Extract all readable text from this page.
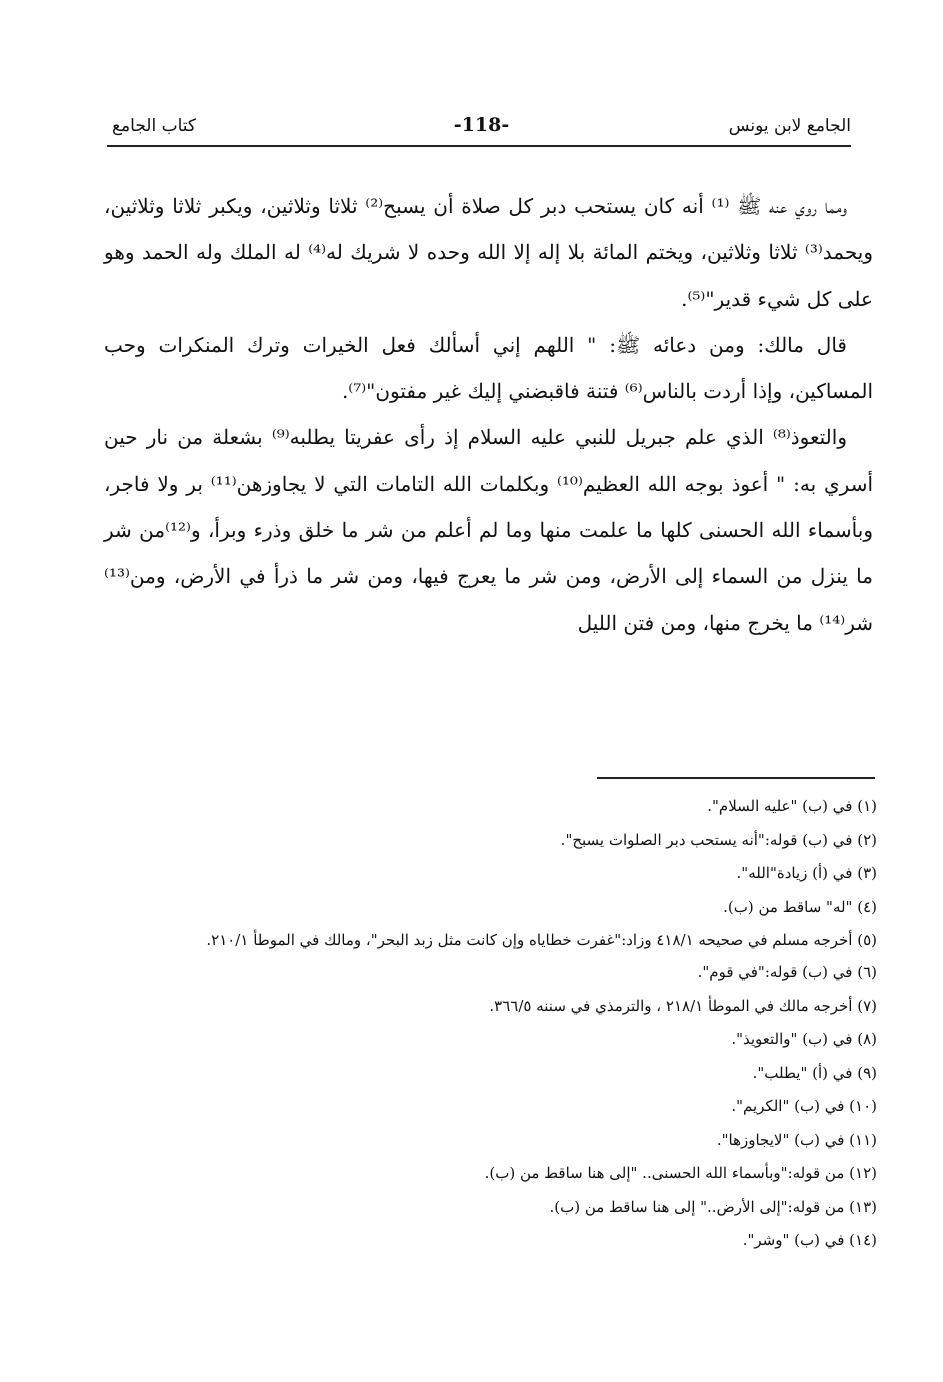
الجامع لابن يونس
-118-
كتاب الجامع

ومما روي عنه ﷺ ⁽¹⁾ أنه كان يستحب دبر كل صلاة أن يسبح⁽²⁾ ثلاثا وثلاثين، ويكبر ثلاثا وثلاثين، ويحمد⁽³⁾ ثلاثا وثلاثين، ويختم المائة بلا إله إلا الله وحده لا شريك له⁽⁴⁾ له الملك وله الحمد وهو على كل شيء قدير"⁽⁵⁾.

قال مالك: ومن دعائه ﷺ: " اللهم إني أسألك فعل الخيرات وترك المنكرات وحب المساكين، وإذا أردت بالناس⁽⁶⁾ فتنة فاقبضني إليك غير مفتون"⁽⁷⁾.

والتعوذ⁽⁸⁾ الذي علم جبريل للنبي عليه السلام إذ رأى عفريتا يطلبه⁽⁹⁾ بشعلة من نار حين أسري به: " أعوذ بوجه الله العظيم⁽¹⁰⁾ وبكلمات الله التامات التي لا يجاوزهن⁽¹¹⁾ بر ولا فاجر، وبأسماء الله الحسنى كلها ما علمت منها وما لم أعلم من شر ما خلق وذرء وبرأ، و⁽¹²⁾من شر ما ينزل من السماء إلى الأرض، ومن شر ما يعرج فيها، ومن شر ما ذرأ في الأرض، ومن⁽¹³⁾ شر⁽¹⁴⁾ ما يخرج منها، ومن فتن الليل

(١) في (ب) "عليه السلام".

(٢) في (ب) قوله:"أنه يستحب دبر الصلوات يسبح".

(٣) في (أ) زيادة"الله".

(٤) "له" ساقط من (ب).

(٥) أخرجه مسلم في صحيحه ٤١٨/١ وزاد:"غفرت خطاياه وإن كانت مثل زبد البحر"، ومالك في الموطأ ٢١٠/١.

(٦) في (ب) قوله:"في قوم".

(٧) أخرجه مالك في الموطأ ٢١٨/١ ، والترمذي في سننه ٣٦٦/٥.

(٨) في (ب) "والتعويذ".

(٩) في (أ) "يطلب".

(١٠) في (ب) "الكريم".

(١١) في (ب) "لايجاوزها".

(١٢) من قوله:"وبأسماء الله الحسنى.. "إلى هنا ساقط من (ب).

(١٣) من قوله:"إلى الأرض.." إلى هنا ساقط من (ب).

(١٤) في (ب) "وشر".
